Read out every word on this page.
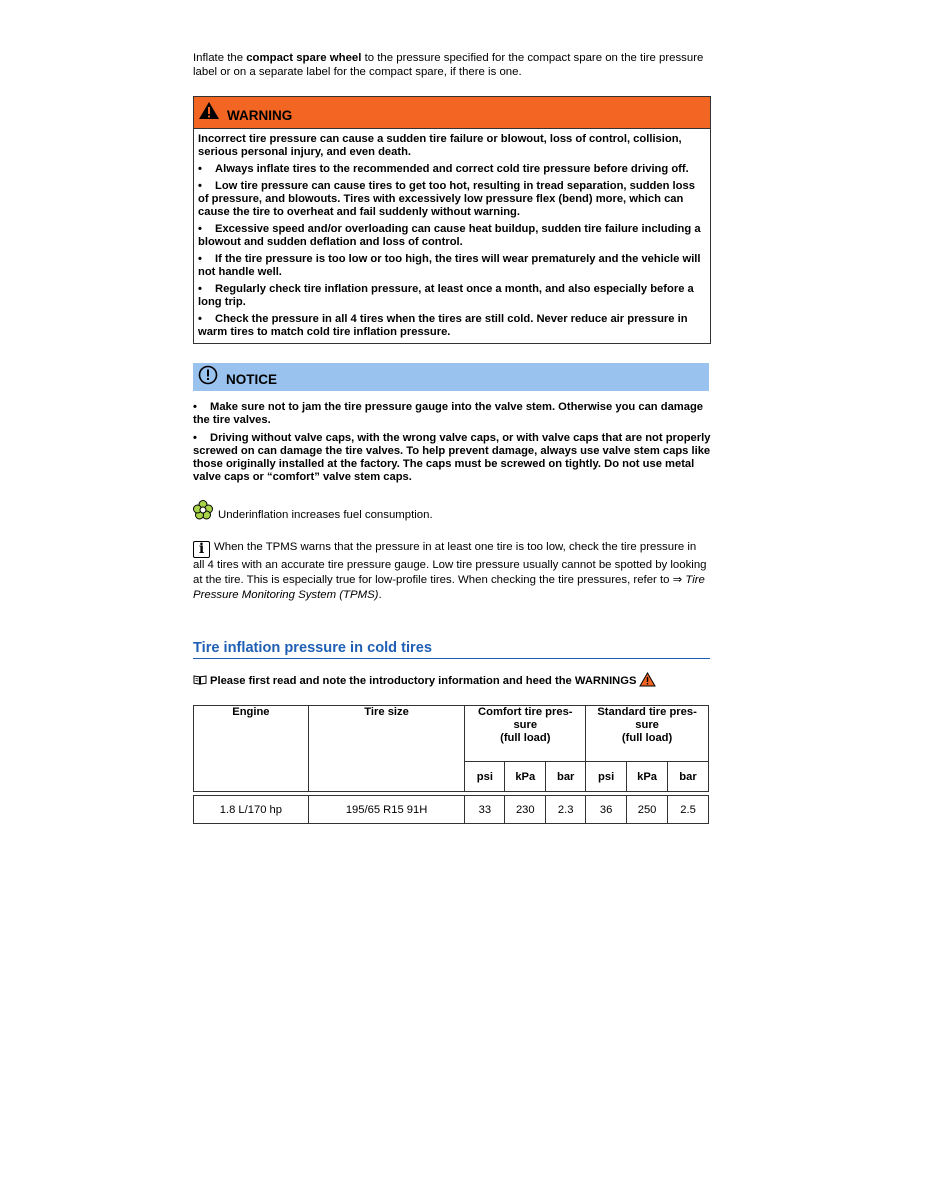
Inflate the compact spare wheel to the pressure specified for the compact spare on the tire pressure label or on a separate label for the compact spare, if there is one.
WARNING

Incorrect tire pressure can cause a sudden tire failure or blowout, loss of control, collision, serious personal injury, and even death.

• Always inflate tires to the recommended and correct cold tire pressure before driving off.
• Low tire pressure can cause tires to get too hot, resulting in tread separation, sudden loss of pressure, and blowouts. Tires with excessively low pressure flex (bend) more, which can cause the tire to overheat and fail suddenly without warning.
• Excessive speed and/or overloading can cause heat buildup, sudden tire failure including a blowout and sudden deflation and loss of control.
• If the tire pressure is too low or too high, the tires will wear prematurely and the vehicle will not handle well.
• Regularly check tire inflation pressure, at least once a month, and also especially before a long trip.
• Check the pressure in all 4 tires when the tires are still cold. Never reduce air pressure in warm tires to match cold tire inflation pressure.
NOTICE
• Make sure not to jam the tire pressure gauge into the valve stem. Otherwise you can damage the tire valves.
• Driving without valve caps, with the wrong valve caps, or with valve caps that are not properly screwed on can damage the tire valves. To help prevent damage, always use valve stem caps like those originally installed at the factory. The caps must be screwed on tightly. Do not use metal valve caps or “comfort” valve stem caps.
Underinflation increases fuel consumption.
i When the TPMS warns that the pressure in at least one tire is too low, check the tire pressure in all 4 tires with an accurate tire pressure gauge. Low tire pressure usually cannot be spotted by looking at the tire. This is especially true for low-profile tires. When checking the tire pressures, refer to ⇒ Tire Pressure Monitoring System (TPMS).
Tire inflation pressure in cold tires
Please first read and note the introductory information and heed the WARNINGS
Engine	Tire size	Comfort tire pres-
sure
(full load)			Standard tire pres-
sure
(full load)		
		psi	kPa	bar	psi	kPa	bar

1.8 L/170 hp	195/65 R15 91H	33	230	2.3	36	250	2.5
